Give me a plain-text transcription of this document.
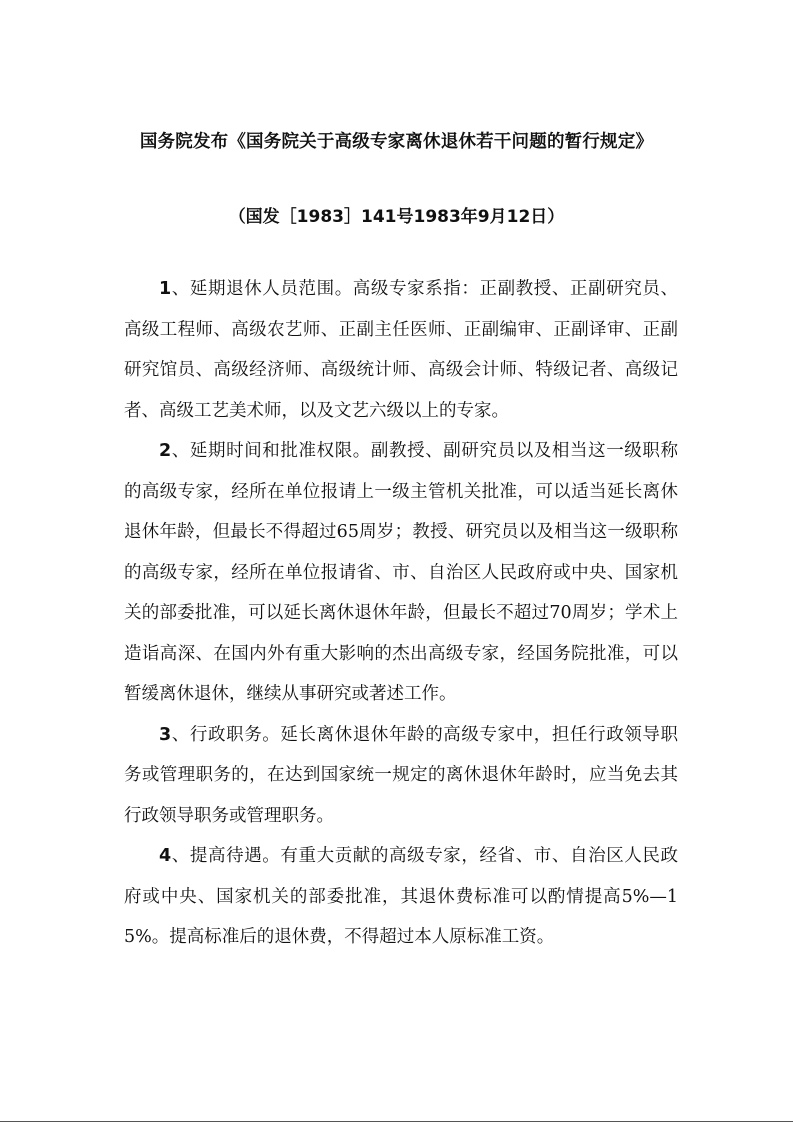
国务院发布《国务院关于高级专家离休退休若干问题的暂行规定》
（国发［1983］141号1983年9月12日）

1、延期退休人员范围。高级专家系指：正副教授、正副研究员、高级工程师、高级农艺师、正副主任医师、正副编审、正副译审、正副研究馆员、高级经济师、高级统计师、高级会计师、特级记者、高级记者、高级工艺美术师，以及文艺六级以上的专家。

2、延期时间和批准权限。副教授、副研究员以及相当这一级职称的高级专家，经所在单位报请上一级主管机关批准，可以适当延长离休退休年龄，但最长不得超过65周岁；教授、研究员以及相当这一级职称的高级专家，经所在单位报请省、市、自治区人民政府或中央、国家机关的部委批准，可以延长离休退休年龄，但最长不超过70周岁；学术上造诣高深、在国内外有重大影响的杰出高级专家，经国务院批准，可以暂缓离休退休，继续从事研究或著述工作。

3、行政职务。延长离休退休年龄的高级专家中，担任行政领导职务或管理职务的，在达到国家统一规定的离休退休年龄时，应当免去其行政领导职务或管理职务。

4、提高待遇。有重大贡献的高级专家，经省、市、自治区人民政府或中央、国家机关的部委批准，其退休费标准可以酌情提高5%—15%。提高标准后的退休费，不得超过本人原标准工资。
